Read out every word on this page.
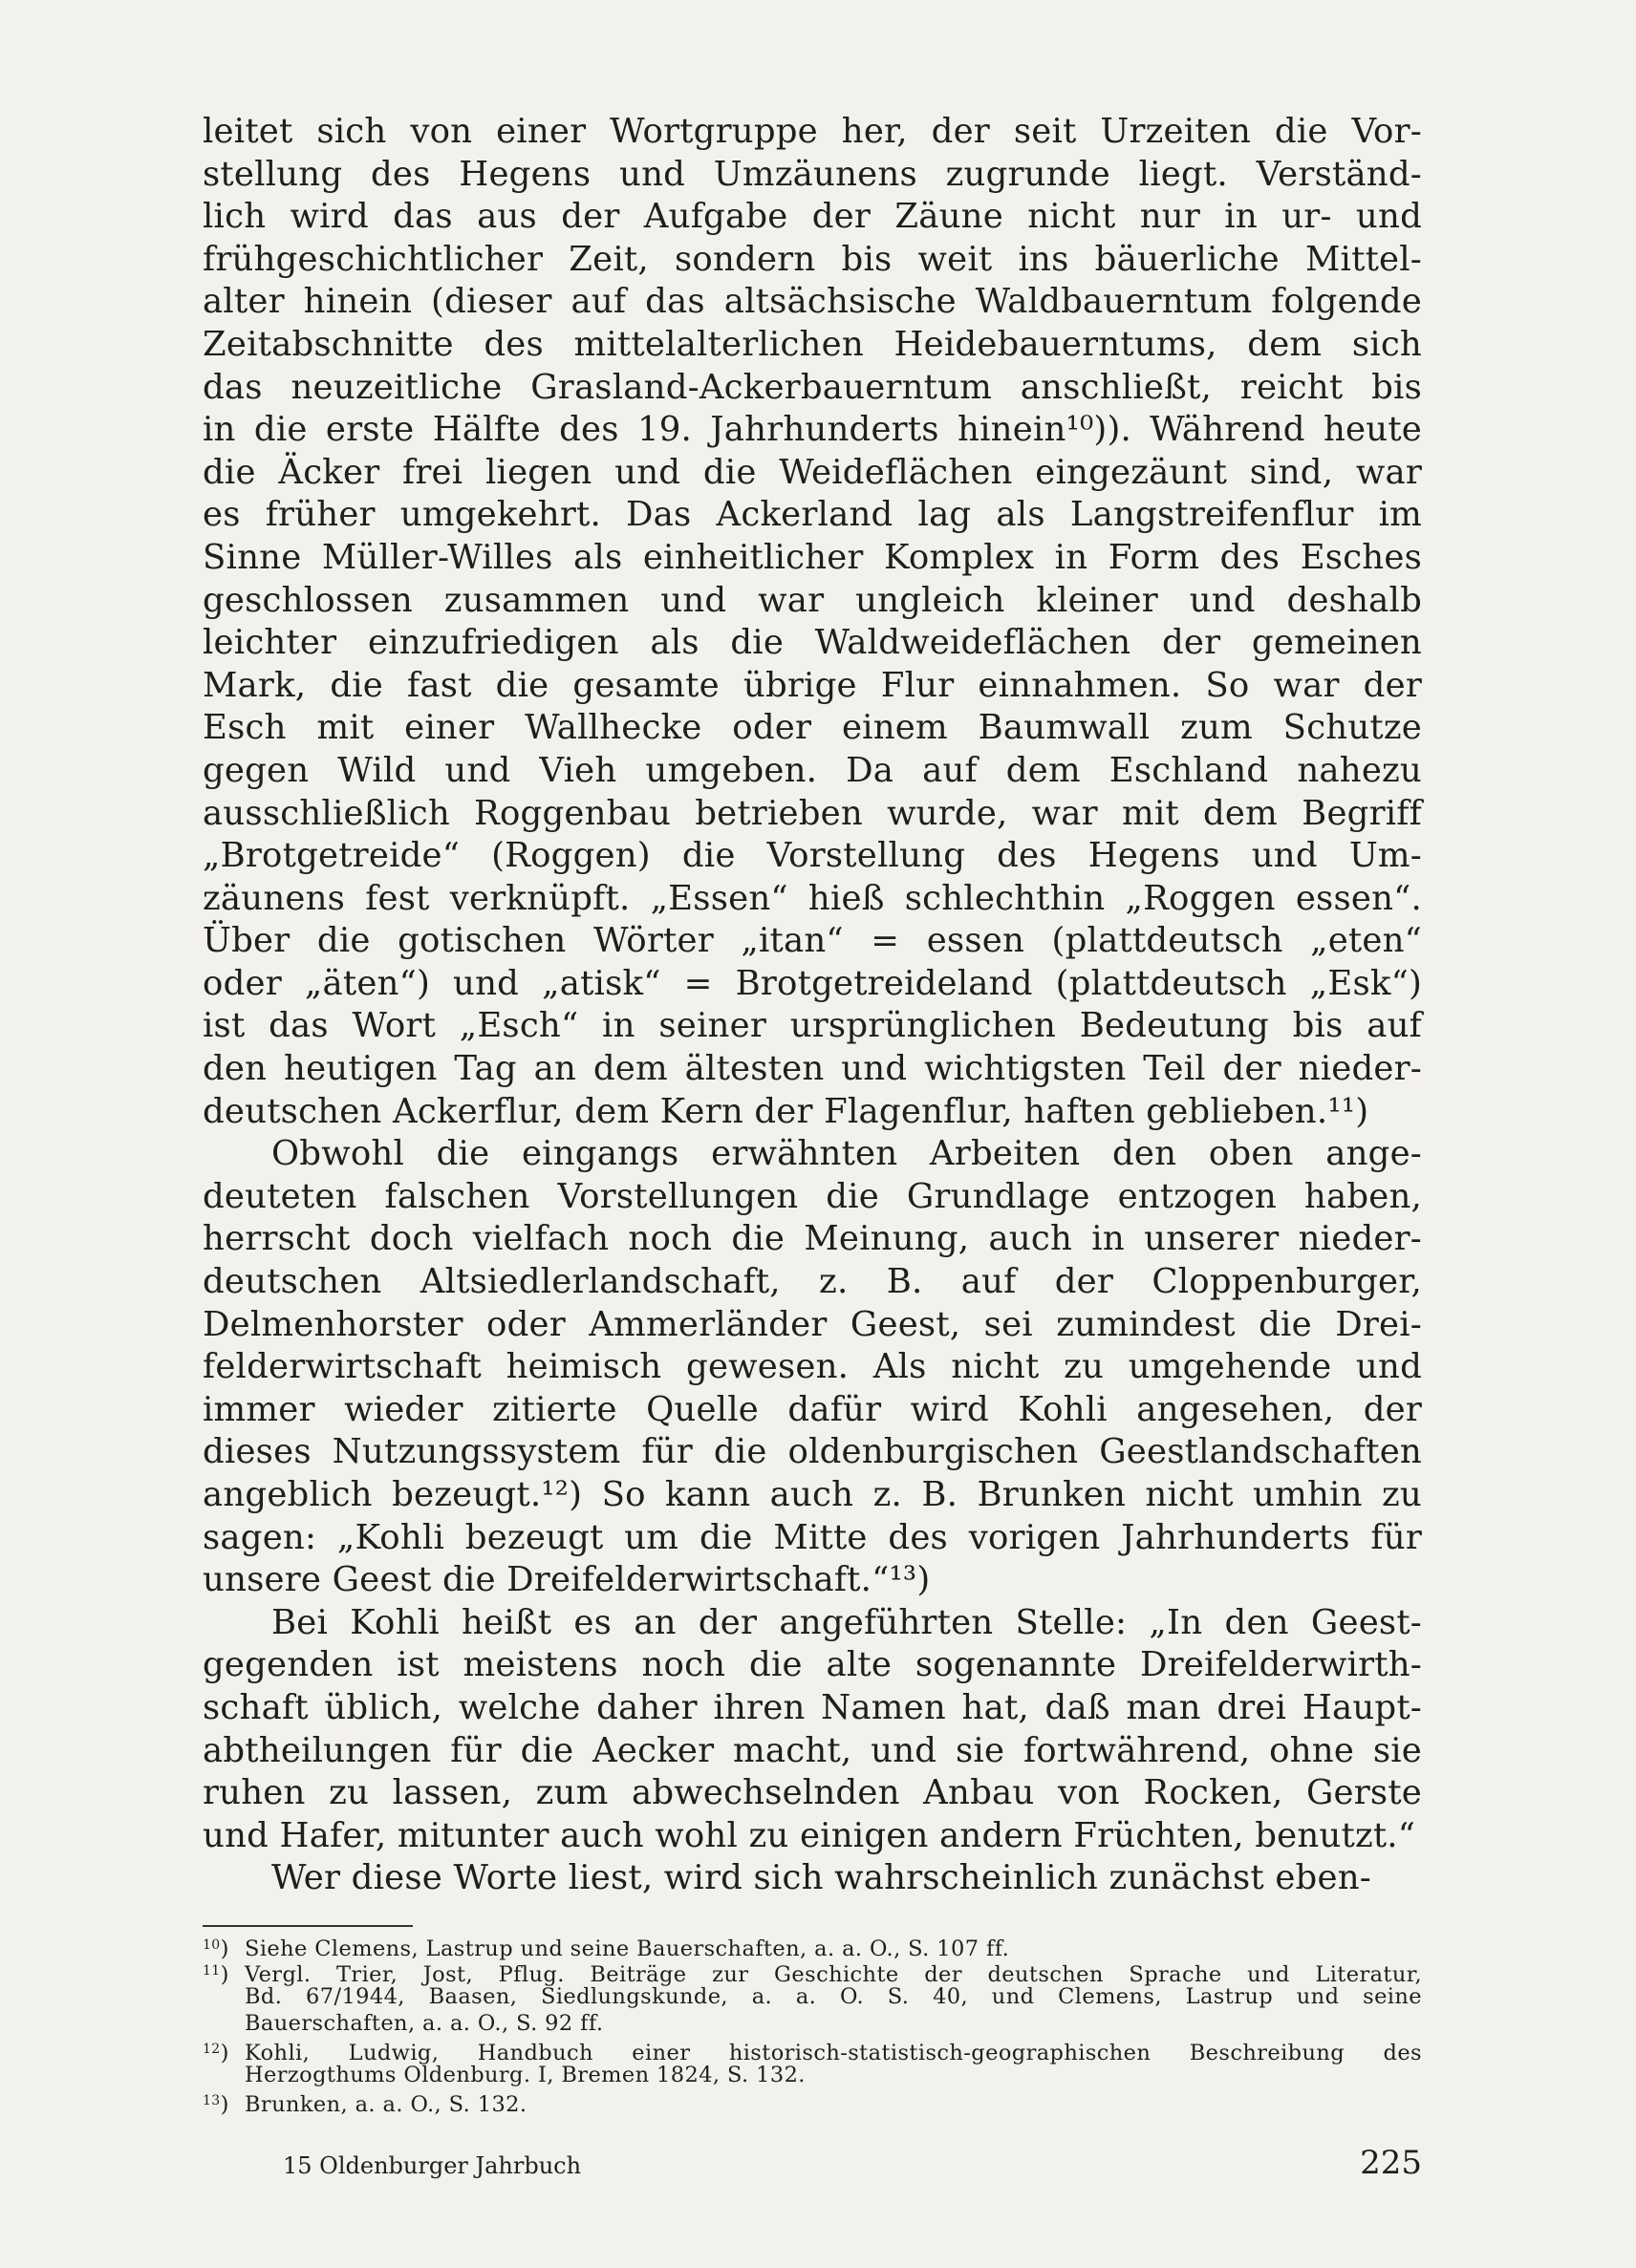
leitet sich von einer Wortgruppe her, der seit Urzeiten die Vor-
stellung des Hegens und Umzäunens zugrunde liegt. Verständ-
lich wird das aus der Aufgabe der Zäune nicht nur in ur- und
frühgeschichtlicher Zeit, sondern bis weit ins bäuerliche Mittel-
alter hinein (dieser auf das altsächsische Waldbauerntum folgende
Zeitabschnitte des mittelalterlichen Heidebauerntums, dem sich
das neuzeitliche Grasland-Ackerbauerntum anschließt, reicht bis
in die erste Hälfte des 19. Jahrhunderts hinein¹⁰)). Während heute
die Äcker frei liegen und die Weideflächen eingezäunt sind, war
es früher umgekehrt. Das Ackerland lag als Langstreifenflur im
Sinne Müller-Willes als einheitlicher Komplex in Form des Esches
geschlossen zusammen und war ungleich kleiner und deshalb
leichter einzufriedigen als die Waldweideflächen der gemeinen
Mark, die fast die gesamte übrige Flur einnahmen. So war der
Esch mit einer Wallhecke oder einem Baumwall zum Schutze
gegen Wild und Vieh umgeben. Da auf dem Eschland nahezu
ausschließlich Roggenbau betrieben wurde, war mit dem Begriff
„Brotgetreide“ (Roggen) die Vorstellung des Hegens und Um-
zäunens fest verknüpft. „Essen“ hieß schlechthin „Roggen essen“.
Über die gotischen Wörter „itan“ = essen (plattdeutsch „eten“
oder „äten“) und „atisk“ = Brotgetreideland (plattdeutsch „Esk“)
ist das Wort „Esch“ in seiner ursprünglichen Bedeutung bis auf
den heutigen Tag an dem ältesten und wichtigsten Teil der nieder-
deutschen Ackerflur, dem Kern der Flagenflur, haften geblieben.¹¹)
Obwohl die eingangs erwähnten Arbeiten den oben ange-
deuteten falschen Vorstellungen die Grundlage entzogen haben,
herrscht doch vielfach noch die Meinung, auch in unserer nieder-
deutschen Altsiedlerlandschaft, z. B. auf der Cloppenburger,
Delmenhorster oder Ammerländer Geest, sei zumindest die Drei-
felderwirtschaft heimisch gewesen. Als nicht zu umgehende und
immer wieder zitierte Quelle dafür wird Kohli angesehen, der
dieses Nutzungssystem für die oldenburgischen Geestlandschaften
angeblich bezeugt.¹²) So kann auch z. B. Brunken nicht umhin zu
sagen: „Kohli bezeugt um die Mitte des vorigen Jahrhunderts für
unsere Geest die Dreifelderwirtschaft.“¹³)
Bei Kohli heißt es an der angeführten Stelle: „In den Geest-
gegenden ist meistens noch die alte sogenannte Dreifelderwirth-
schaft üblich, welche daher ihren Namen hat, daß man drei Haupt-
abtheilungen für die Aecker macht, und sie fortwährend, ohne sie
ruhen zu lassen, zum abwechselnden Anbau von Rocken, Gerste
und Hafer, mitunter auch wohl zu einigen andern Früchten, benutzt.“
Wer diese Worte liest, wird sich wahrscheinlich zunächst eben-
$^{10}$) Siehe Clemens, Lastrup und seine Bauerschaften, a. a. O., S. 107 ff.
$^{11}$) Vergl. Trier, Jost, Pflug. Beiträge zur Geschichte der deutschen Sprache und Literatur,
Bd. 67/1944, Baasen, Siedlungskunde, a. a. O. S. 40, und Clemens, Lastrup und seine
Bauerschaften, a. a. O., S. 92 ff.
$^{12}$) Kohli, Ludwig, Handbuch einer historisch-statistisch-geographischen Beschreibung des
Herzogthums Oldenburg. I, Bremen 1824, S. 132.
$^{13}$) Brunken, a. a. O., S. 132.
15 Oldenburger Jahrbuch	225
